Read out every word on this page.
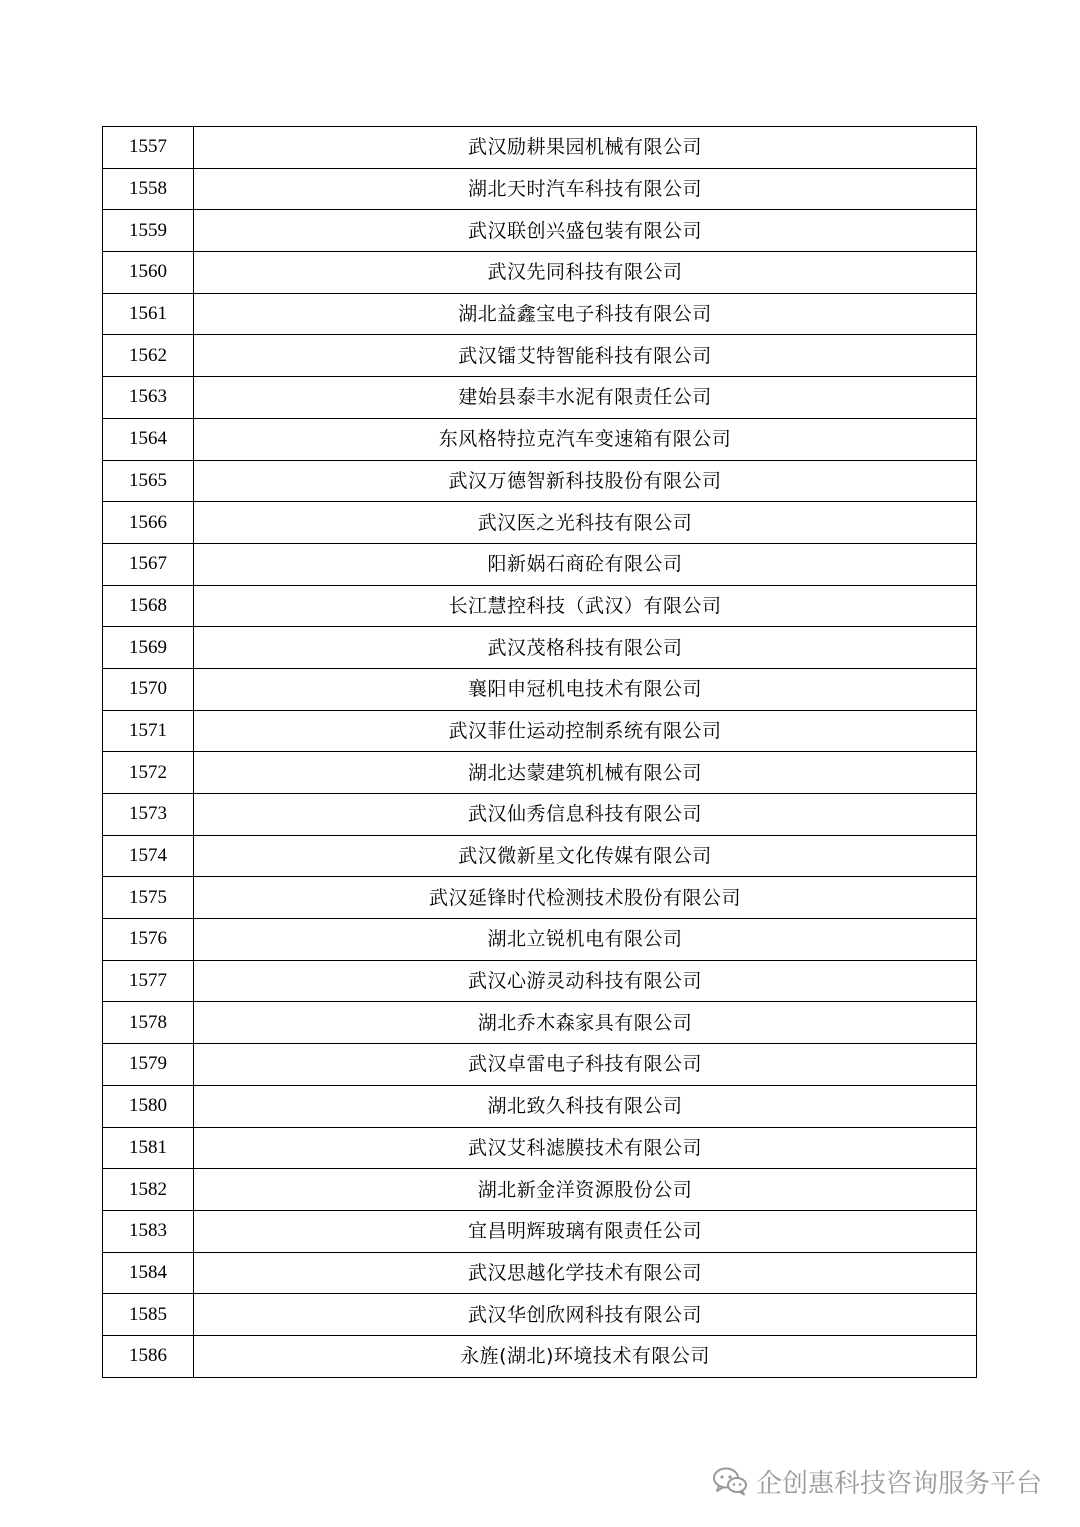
1557	武汉励耕果园机械有限公司
1558	湖北天时汽车科技有限公司
1559	武汉联创兴盛包装有限公司
1560	武汉先同科技有限公司
1561	湖北益鑫宝电子科技有限公司
1562	武汉镭艾特智能科技有限公司
1563	建始县泰丰水泥有限责任公司
1564	东风格特拉克汽车变速箱有限公司
1565	武汉万德智新科技股份有限公司
1566	武汉医之光科技有限公司
1567	阳新娲石商砼有限公司
1568	长江慧控科技（武汉）有限公司
1569	武汉茂格科技有限公司
1570	襄阳申冠机电技术有限公司
1571	武汉菲仕运动控制系统有限公司
1572	湖北达蒙建筑机械有限公司
1573	武汉仙秀信息科技有限公司
1574	武汉微新星文化传媒有限公司
1575	武汉延锋时代检测技术股份有限公司
1576	湖北立锐机电有限公司
1577	武汉心游灵动科技有限公司
1578	湖北乔木森家具有限公司
1579	武汉卓雷电子科技有限公司
1580	湖北致久科技有限公司
1581	武汉艾科滤膜技术有限公司
1582	湖北新金洋资源股份公司
1583	宜昌明辉玻璃有限责任公司
1584	武汉思越化学技术有限公司
1585	武汉华创欣网科技有限公司
1586	永旌(湖北)环境技术有限公司
企创惠科技咨询服务平台
